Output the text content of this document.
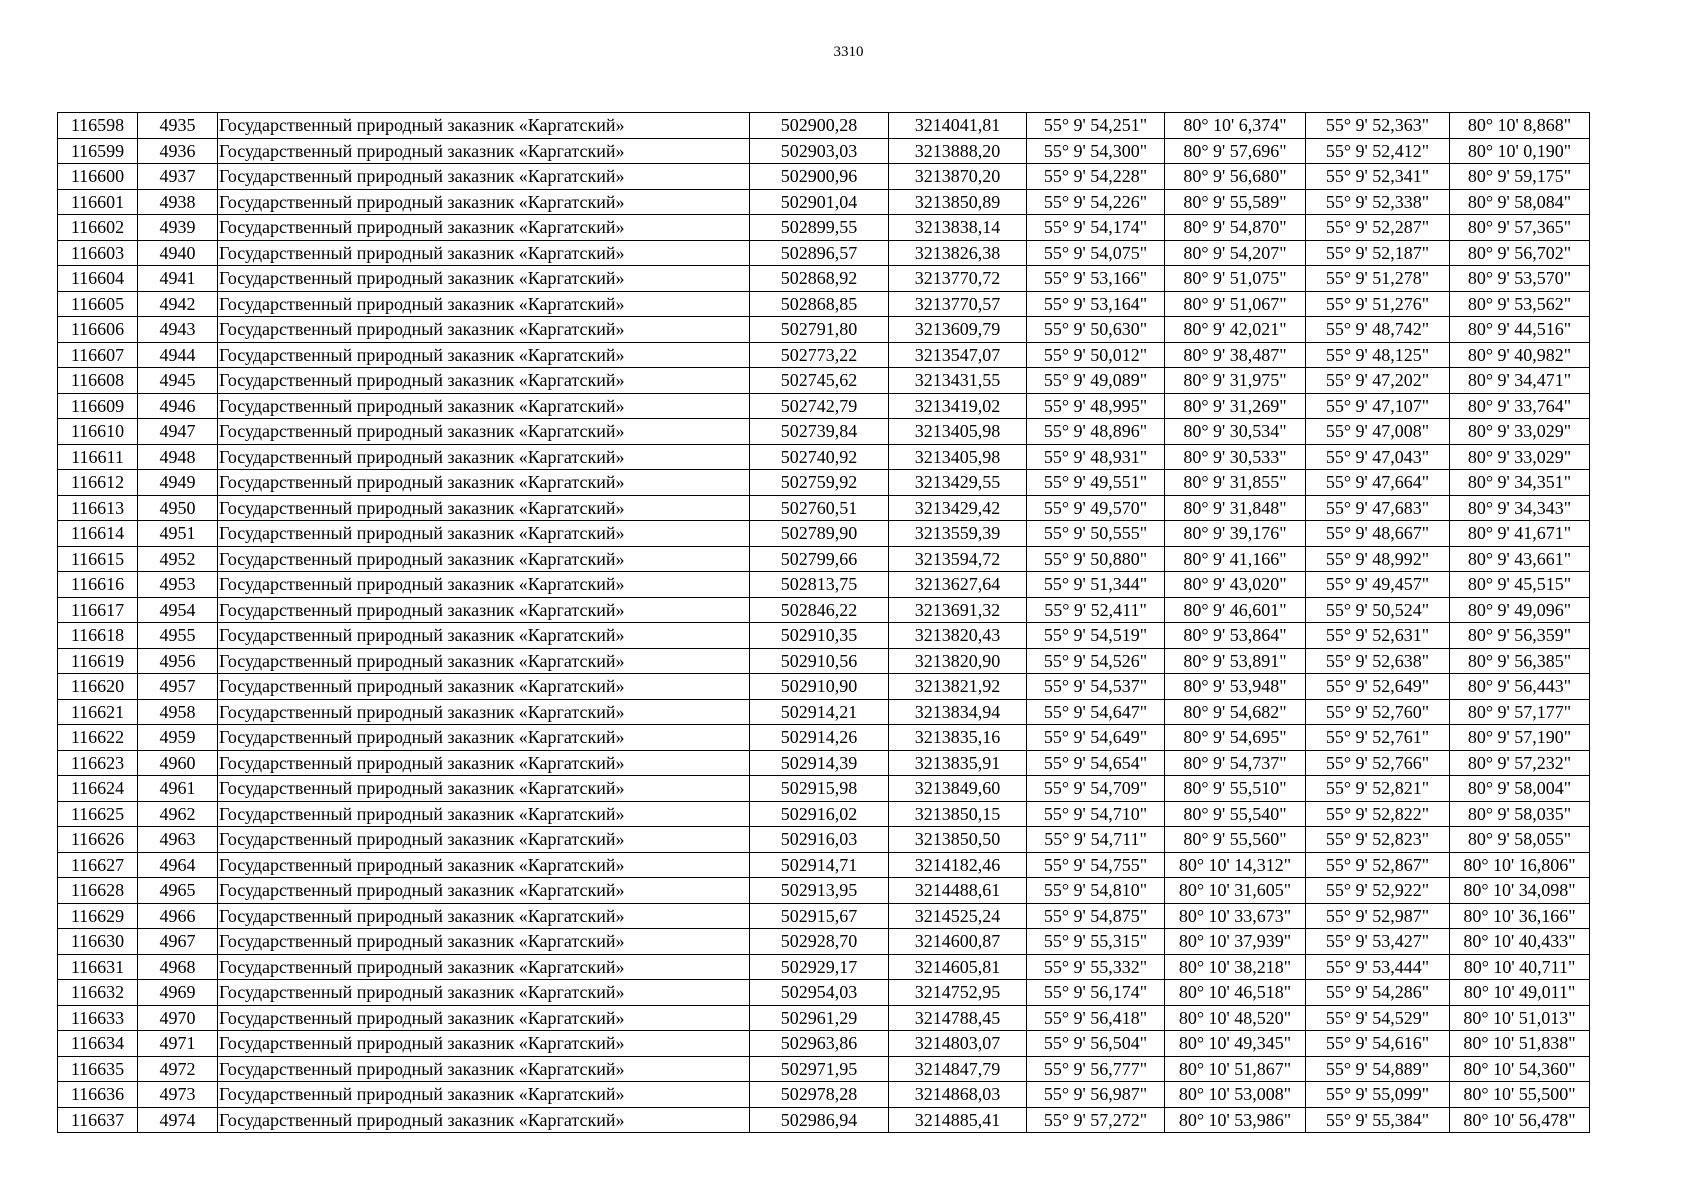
3310
116598	4935	Государственный природный заказник «Каргатский»	502900,28	3214041,81	55° 9' 54,251"	80° 10' 6,374"	55° 9' 52,363"	80° 10' 8,868"
116599	4936	Государственный природный заказник «Каргатский»	502903,03	3213888,20	55° 9' 54,300"	80° 9' 57,696"	55° 9' 52,412"	80° 10' 0,190"
116600	4937	Государственный природный заказник «Каргатский»	502900,96	3213870,20	55° 9' 54,228"	80° 9' 56,680"	55° 9' 52,341"	80° 9' 59,175"
116601	4938	Государственный природный заказник «Каргатский»	502901,04	3213850,89	55° 9' 54,226"	80° 9' 55,589"	55° 9' 52,338"	80° 9' 58,084"
116602	4939	Государственный природный заказник «Каргатский»	502899,55	3213838,14	55° 9' 54,174"	80° 9' 54,870"	55° 9' 52,287"	80° 9' 57,365"
116603	4940	Государственный природный заказник «Каргатский»	502896,57	3213826,38	55° 9' 54,075"	80° 9' 54,207"	55° 9' 52,187"	80° 9' 56,702"
116604	4941	Государственный природный заказник «Каргатский»	502868,92	3213770,72	55° 9' 53,166"	80° 9' 51,075"	55° 9' 51,278"	80° 9' 53,570"
116605	4942	Государственный природный заказник «Каргатский»	502868,85	3213770,57	55° 9' 53,164"	80° 9' 51,067"	55° 9' 51,276"	80° 9' 53,562"
116606	4943	Государственный природный заказник «Каргатский»	502791,80	3213609,79	55° 9' 50,630"	80° 9' 42,021"	55° 9' 48,742"	80° 9' 44,516"
116607	4944	Государственный природный заказник «Каргатский»	502773,22	3213547,07	55° 9' 50,012"	80° 9' 38,487"	55° 9' 48,125"	80° 9' 40,982"
116608	4945	Государственный природный заказник «Каргатский»	502745,62	3213431,55	55° 9' 49,089"	80° 9' 31,975"	55° 9' 47,202"	80° 9' 34,471"
116609	4946	Государственный природный заказник «Каргатский»	502742,79	3213419,02	55° 9' 48,995"	80° 9' 31,269"	55° 9' 47,107"	80° 9' 33,764"
116610	4947	Государственный природный заказник «Каргатский»	502739,84	3213405,98	55° 9' 48,896"	80° 9' 30,534"	55° 9' 47,008"	80° 9' 33,029"
116611	4948	Государственный природный заказник «Каргатский»	502740,92	3213405,98	55° 9' 48,931"	80° 9' 30,533"	55° 9' 47,043"	80° 9' 33,029"
116612	4949	Государственный природный заказник «Каргатский»	502759,92	3213429,55	55° 9' 49,551"	80° 9' 31,855"	55° 9' 47,664"	80° 9' 34,351"
116613	4950	Государственный природный заказник «Каргатский»	502760,51	3213429,42	55° 9' 49,570"	80° 9' 31,848"	55° 9' 47,683"	80° 9' 34,343"
116614	4951	Государственный природный заказник «Каргатский»	502789,90	3213559,39	55° 9' 50,555"	80° 9' 39,176"	55° 9' 48,667"	80° 9' 41,671"
116615	4952	Государственный природный заказник «Каргатский»	502799,66	3213594,72	55° 9' 50,880"	80° 9' 41,166"	55° 9' 48,992"	80° 9' 43,661"
116616	4953	Государственный природный заказник «Каргатский»	502813,75	3213627,64	55° 9' 51,344"	80° 9' 43,020"	55° 9' 49,457"	80° 9' 45,515"
116617	4954	Государственный природный заказник «Каргатский»	502846,22	3213691,32	55° 9' 52,411"	80° 9' 46,601"	55° 9' 50,524"	80° 9' 49,096"
116618	4955	Государственный природный заказник «Каргатский»	502910,35	3213820,43	55° 9' 54,519"	80° 9' 53,864"	55° 9' 52,631"	80° 9' 56,359"
116619	4956	Государственный природный заказник «Каргатский»	502910,56	3213820,90	55° 9' 54,526"	80° 9' 53,891"	55° 9' 52,638"	80° 9' 56,385"
116620	4957	Государственный природный заказник «Каргатский»	502910,90	3213821,92	55° 9' 54,537"	80° 9' 53,948"	55° 9' 52,649"	80° 9' 56,443"
116621	4958	Государственный природный заказник «Каргатский»	502914,21	3213834,94	55° 9' 54,647"	80° 9' 54,682"	55° 9' 52,760"	80° 9' 57,177"
116622	4959	Государственный природный заказник «Каргатский»	502914,26	3213835,16	55° 9' 54,649"	80° 9' 54,695"	55° 9' 52,761"	80° 9' 57,190"
116623	4960	Государственный природный заказник «Каргатский»	502914,39	3213835,91	55° 9' 54,654"	80° 9' 54,737"	55° 9' 52,766"	80° 9' 57,232"
116624	4961	Государственный природный заказник «Каргатский»	502915,98	3213849,60	55° 9' 54,709"	80° 9' 55,510"	55° 9' 52,821"	80° 9' 58,004"
116625	4962	Государственный природный заказник «Каргатский»	502916,02	3213850,15	55° 9' 54,710"	80° 9' 55,540"	55° 9' 52,822"	80° 9' 58,035"
116626	4963	Государственный природный заказник «Каргатский»	502916,03	3213850,50	55° 9' 54,711"	80° 9' 55,560"	55° 9' 52,823"	80° 9' 58,055"
116627	4964	Государственный природный заказник «Каргатский»	502914,71	3214182,46	55° 9' 54,755"	80° 10' 14,312"	55° 9' 52,867"	80° 10' 16,806"
116628	4965	Государственный природный заказник «Каргатский»	502913,95	3214488,61	55° 9' 54,810"	80° 10' 31,605"	55° 9' 52,922"	80° 10' 34,098"
116629	4966	Государственный природный заказник «Каргатский»	502915,67	3214525,24	55° 9' 54,875"	80° 10' 33,673"	55° 9' 52,987"	80° 10' 36,166"
116630	4967	Государственный природный заказник «Каргатский»	502928,70	3214600,87	55° 9' 55,315"	80° 10' 37,939"	55° 9' 53,427"	80° 10' 40,433"
116631	4968	Государственный природный заказник «Каргатский»	502929,17	3214605,81	55° 9' 55,332"	80° 10' 38,218"	55° 9' 53,444"	80° 10' 40,711"
116632	4969	Государственный природный заказник «Каргатский»	502954,03	3214752,95	55° 9' 56,174"	80° 10' 46,518"	55° 9' 54,286"	80° 10' 49,011"
116633	4970	Государственный природный заказник «Каргатский»	502961,29	3214788,45	55° 9' 56,418"	80° 10' 48,520"	55° 9' 54,529"	80° 10' 51,013"
116634	4971	Государственный природный заказник «Каргатский»	502963,86	3214803,07	55° 9' 56,504"	80° 10' 49,345"	55° 9' 54,616"	80° 10' 51,838"
116635	4972	Государственный природный заказник «Каргатский»	502971,95	3214847,79	55° 9' 56,777"	80° 10' 51,867"	55° 9' 54,889"	80° 10' 54,360"
116636	4973	Государственный природный заказник «Каргатский»	502978,28	3214868,03	55° 9' 56,987"	80° 10' 53,008"	55° 9' 55,099"	80° 10' 55,500"
116637	4974	Государственный природный заказник «Каргатский»	502986,94	3214885,41	55° 9' 57,272"	80° 10' 53,986"	55° 9' 55,384"	80° 10' 56,478"
